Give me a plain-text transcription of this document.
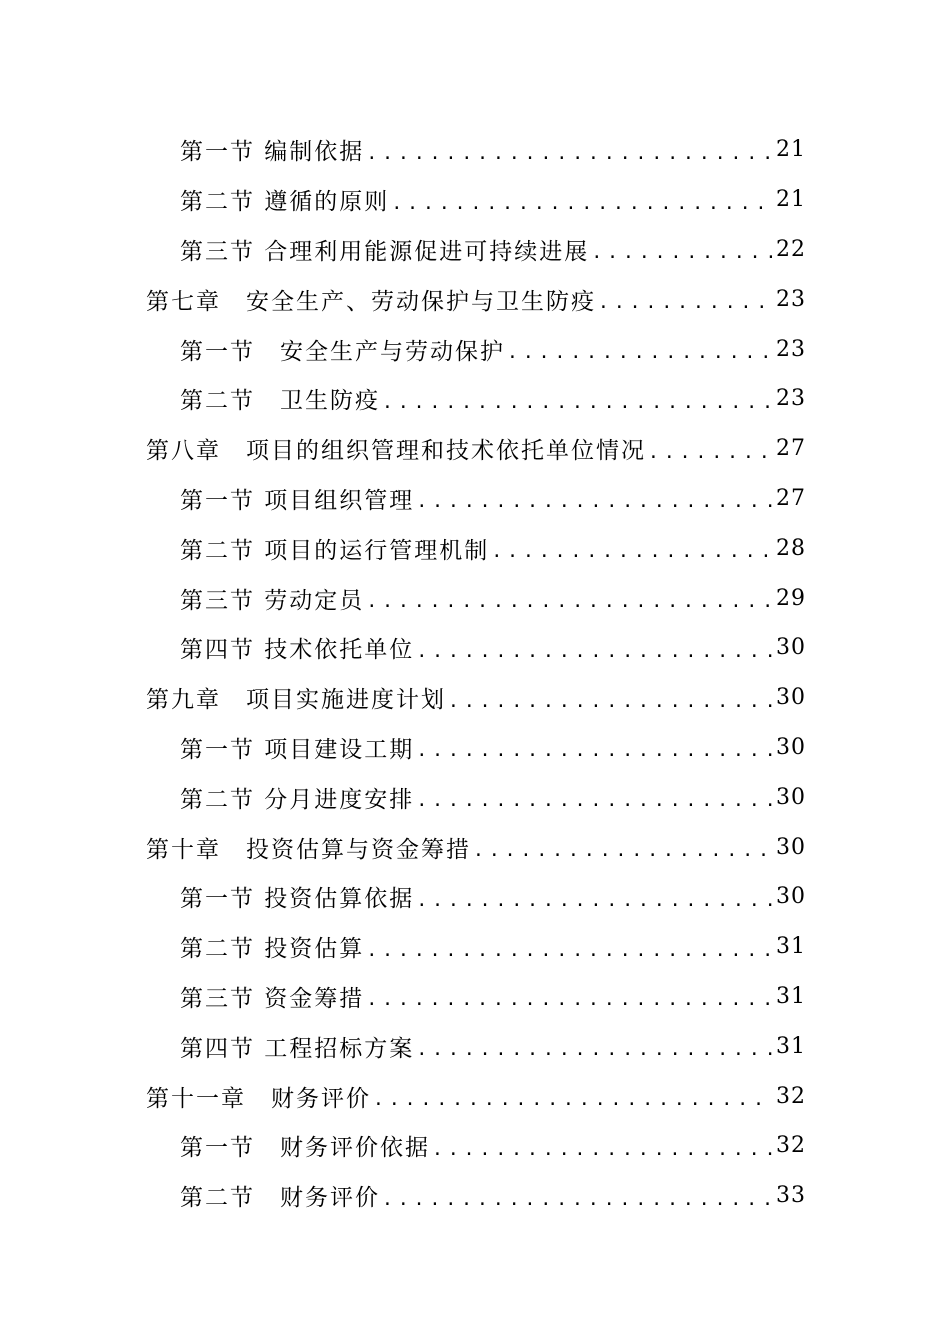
第一节 编制依据 .....	21
第二节 遵循的原则 .....	21
第三节 合理利用能源促进可持续进展 .....	22
第七章　安全生产、劳动保护与卫生防疫 .....	23
第一节　安全生产与劳动保护 .....	23
第二节　卫生防疫 .....	23
第八章　项目的组织管理和技术依托单位情况 .....	27
第一节 项目组织管理 .....	27
第二节 项目的运行管理机制 .....	28
第三节 劳动定员 .....	29
第四节 技术依托单位 .....	30
第九章　项目实施进度计划 .....	30
第一节 项目建设工期 .....	30
第二节 分月进度安排 .....	30
第十章　投资估算与资金筹措 .....	30
第一节 投资估算依据 .....	30
第二节 投资估算 .....	31
第三节 资金筹措 .....	31
第四节 工程招标方案 .....	31
第十一章　财务评价 .....	32
第一节　财务评价依据 .....	32
第二节　财务评价 .....	33
